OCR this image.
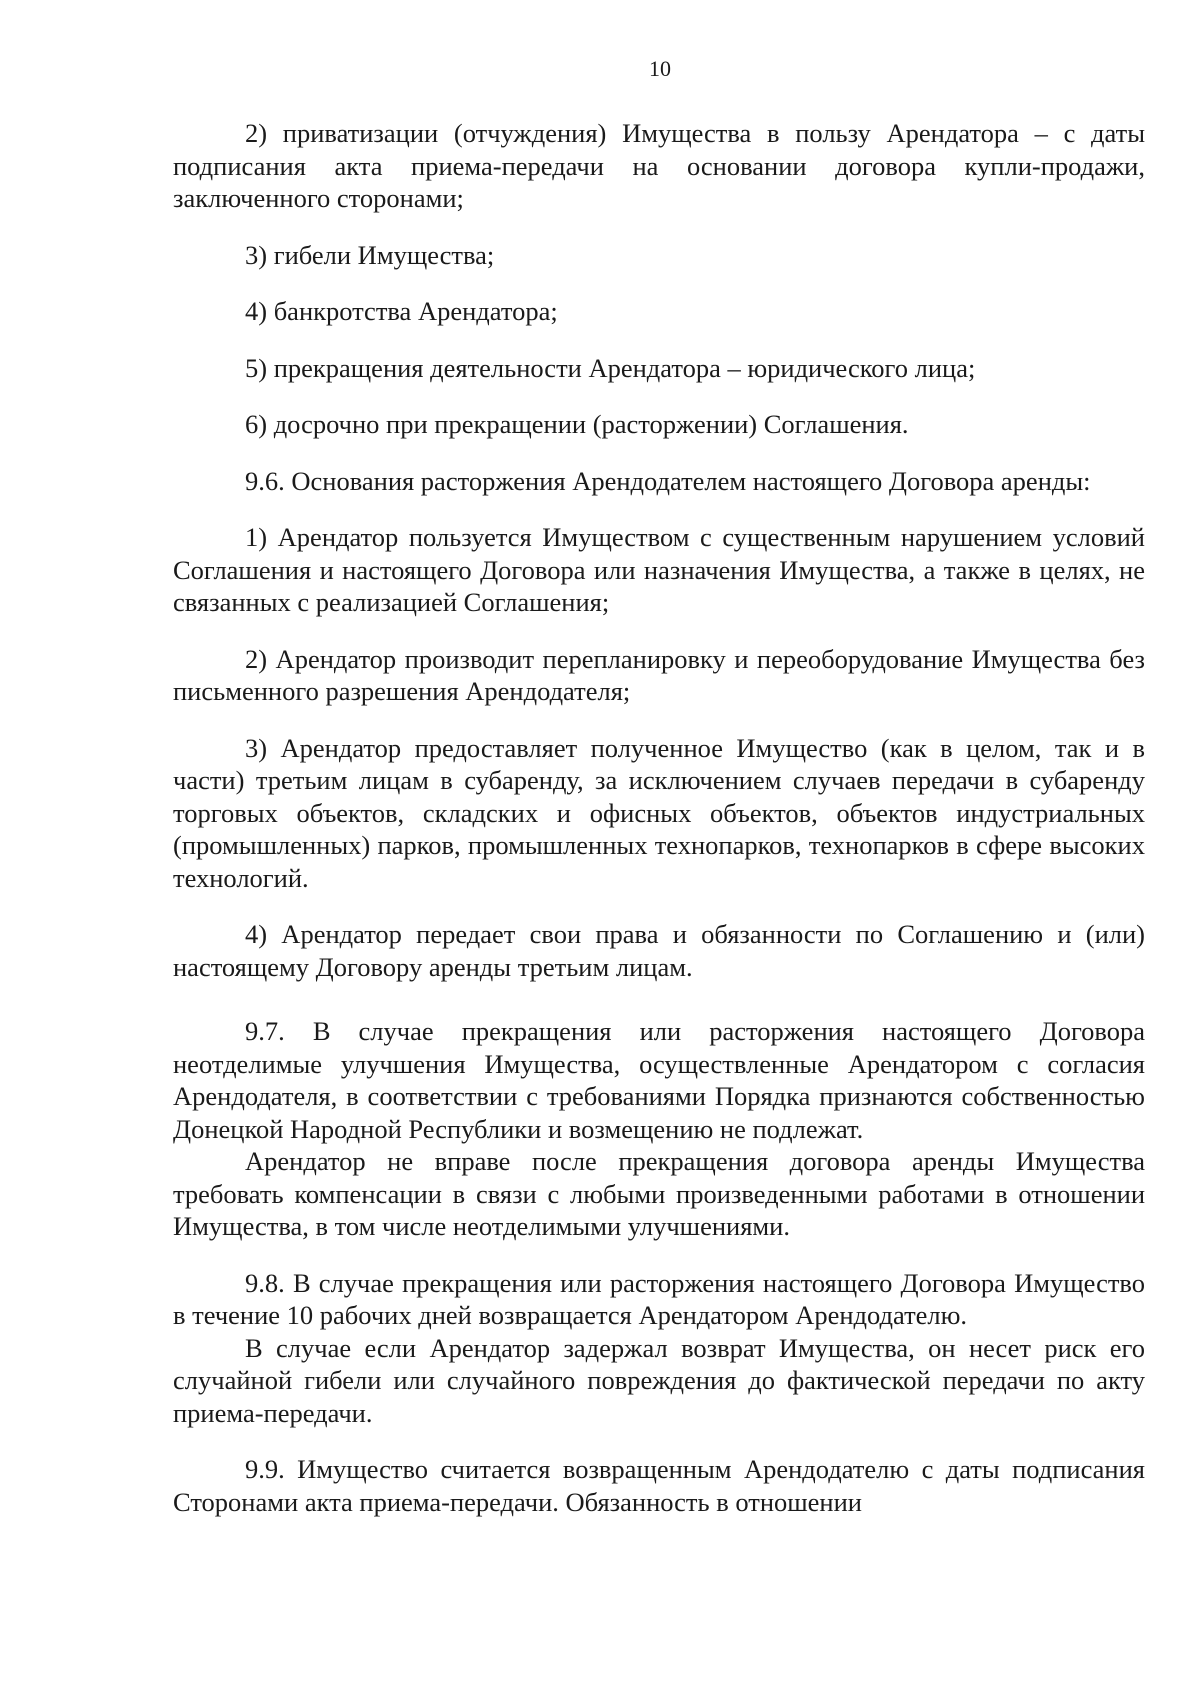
10

2) приватизации (отчуждения) Имущества в пользу Арендатора – с даты подписания акта приема-передачи на основании договора купли-продажи, заключенного сторонами;

3) гибели Имущества;

4) банкротства Арендатора;

5) прекращения деятельности Арендатора – юридического лица;

6) досрочно при прекращении (расторжении) Соглашения.

9.6. Основания расторжения Арендодателем настоящего Договора аренды:

1) Арендатор пользуется Имуществом с существенным нарушением условий Соглашения и настоящего Договора или назначения Имущества, а также в целях, не связанных с реализацией Соглашения;

2) Арендатор производит перепланировку и переоборудование Имущества без письменного разрешения Арендодателя;

3) Арендатор предоставляет полученное Имущество (как в целом, так и в части) третьим лицам в субаренду, за исключением случаев передачи в субаренду торговых объектов, складских и офисных объектов, объектов индустриальных (промышленных) парков, промышленных технопарков, технопарков в сфере высоких технологий.

4) Арендатор передает свои права и обязанности по Соглашению и (или) настоящему Договору аренды третьим лицам.

9.7. В случае прекращения или расторжения настоящего Договора неотделимые улучшения Имущества, осуществленные Арендатором с согласия Арендодателя, в соответствии с требованиями Порядка признаются собственностью Донецкой Народной Республики и возмещению не подлежат.

Арендатор не вправе после прекращения договора аренды Имущества требовать компенсации в связи с любыми произведенными работами в отношении Имущества, в том числе неотделимыми улучшениями.

9.8. В случае прекращения или расторжения настоящего Договора Имущество в течение 10 рабочих дней возвращается Арендатором Арендодателю.

В случае если Арендатор задержал возврат Имущества, он несет риск его случайной гибели или случайного повреждения до фактической передачи по акту приема-передачи.

9.9. Имущество считается возвращенным Арендодателю с даты подписания Сторонами акта приема-передачи. Обязанность в отношении
